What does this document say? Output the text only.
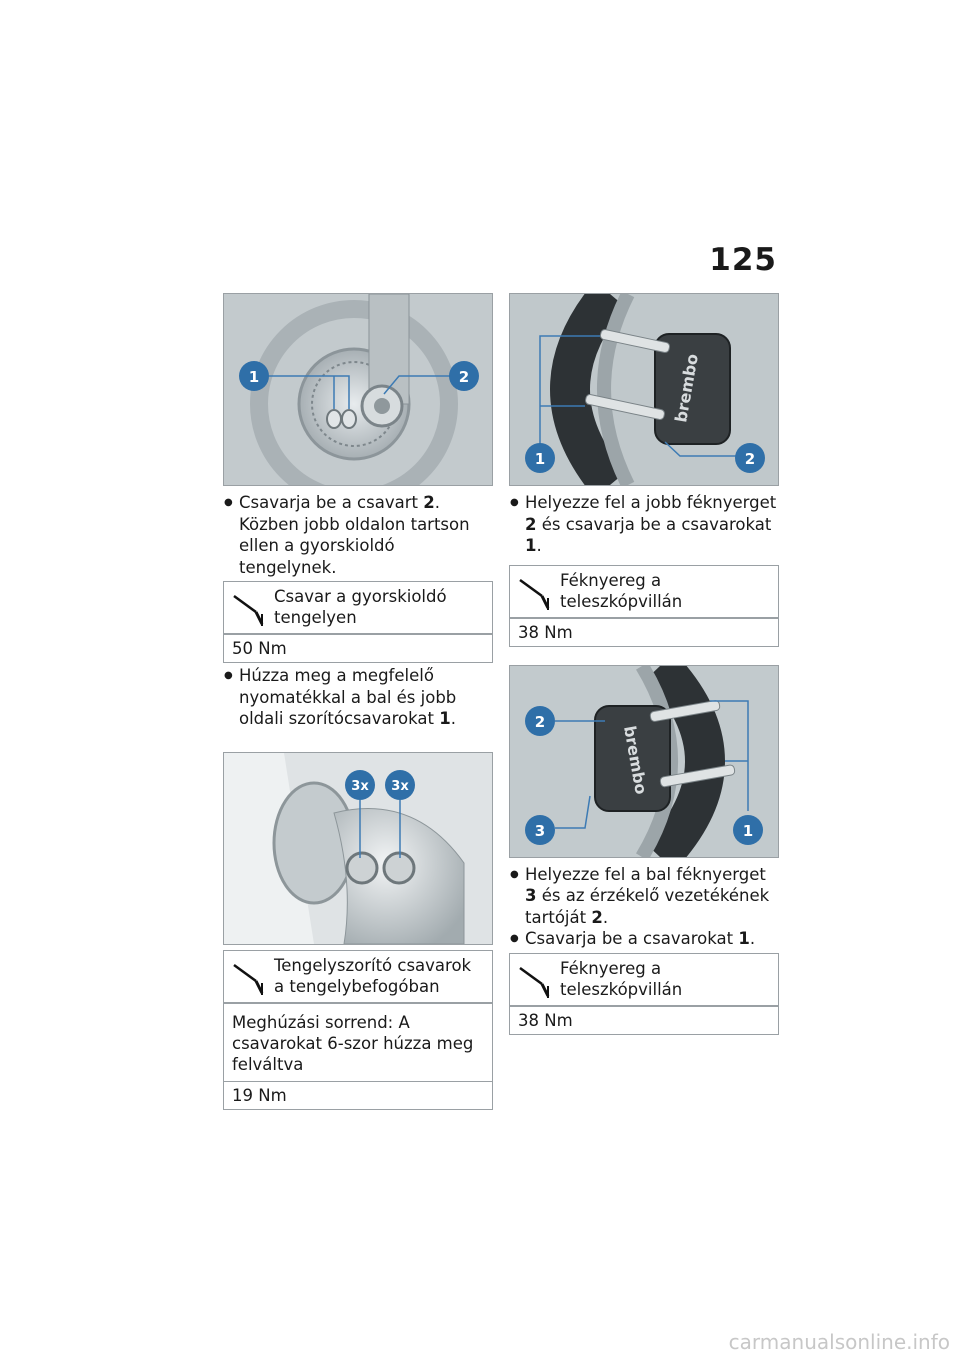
125
1	2

● Csavarja be a csavart 2. Közben jobb oldalon tartson ellen a gyorskioldó tengelynek.

Csavar a gyorskioldó tengelyen
50 Nm

● Húzza meg a megfelelő nyomatékkal a bal és jobb oldali szorítócsavarokat 1.

3x 3x
Tengelyszorító csavarok a tengelybefogóban
Meghúzási sorrend: A csavarokat 6-szor húzza meg felváltva
19 Nm
brembo
1	2

● Helyezze fel a jobb féknyerget 2 és csavarja be a csavarokat 1.

Féknyereg a teleszkópvillán
38 Nm
brembo
2
3	1

● Helyezze fel a bal féknyerget 3 és az érzékelő vezetékének tartóját 2.

● Csavarja be a csavarokat 1.

Féknyereg a teleszkópvillán
38 Nm
carmanualsonline.info
